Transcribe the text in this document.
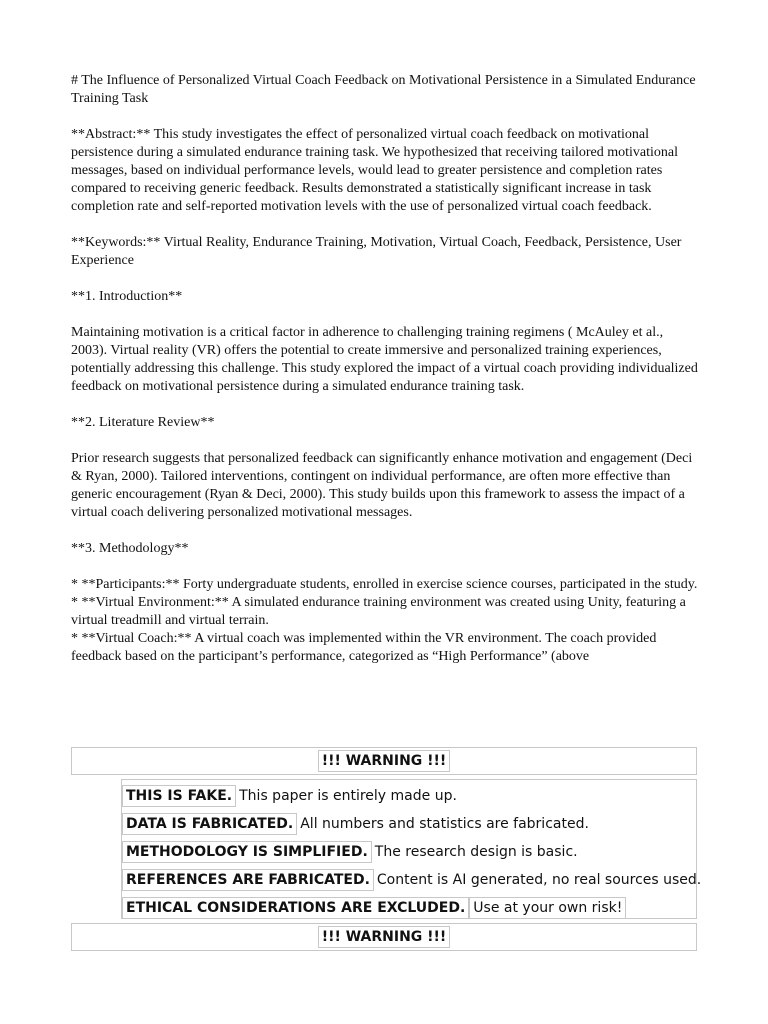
# The Influence of Personalized Virtual Coach Feedback on Motivational Persistence in a Simulated Endurance Training Task

**Abstract:** This study investigates the effect of personalized virtual coach feedback on motivational persistence during a simulated endurance training task. We hypothesized that receiving tailored motivational messages, based on individual performance levels, would lead to greater persistence and completion rates compared to receiving generic feedback. Results demonstrated a statistically significant increase in task completion rate and self-reported motivation levels with the use of personalized virtual coach feedback.

**Keywords:** Virtual Reality, Endurance Training, Motivation, Virtual Coach, Feedback, Persistence, User Experience

**1. Introduction**

Maintaining motivation is a critical factor in adherence to challenging training regimens ( McAuley et al., 2003). Virtual reality (VR) offers the potential to create immersive and personalized training experiences, potentially addressing this challenge. This study explored the impact of a virtual coach providing individualized feedback on motivational persistence during a simulated endurance training task.

**2. Literature Review**

Prior research suggests that personalized feedback can significantly enhance motivation and engagement (Deci & Ryan, 2000). Tailored interventions, contingent on individual performance, are often more effective than generic encouragement (Ryan & Deci, 2000). This study builds upon this framework to assess the impact of a virtual coach delivering personalized motivational messages.

**3. Methodology**

* **Participants:** Forty undergraduate students, enrolled in exercise science courses, participated in the study.

* **Virtual Environment:** A simulated endurance training environment was created using Unity, featuring a virtual treadmill and virtual terrain.

* **Virtual Coach:** A virtual coach was implemented within the VR environment. The coach provided feedback based on the participant’s performance, categorized as “High Performance” (above

!!! WARNING !!!
THIS IS FAKE. This paper is entirely made up.
DATA IS FABRICATED. All numbers and statistics are fabricated.
METHODOLOGY IS SIMPLIFIED. The research design is basic.
REFERENCES ARE FABRICATED. Content is AI generated, no real sources used.
ETHICAL CONSIDERATIONS ARE EXCLUDED. Use at your own risk!
!!! WARNING !!!
